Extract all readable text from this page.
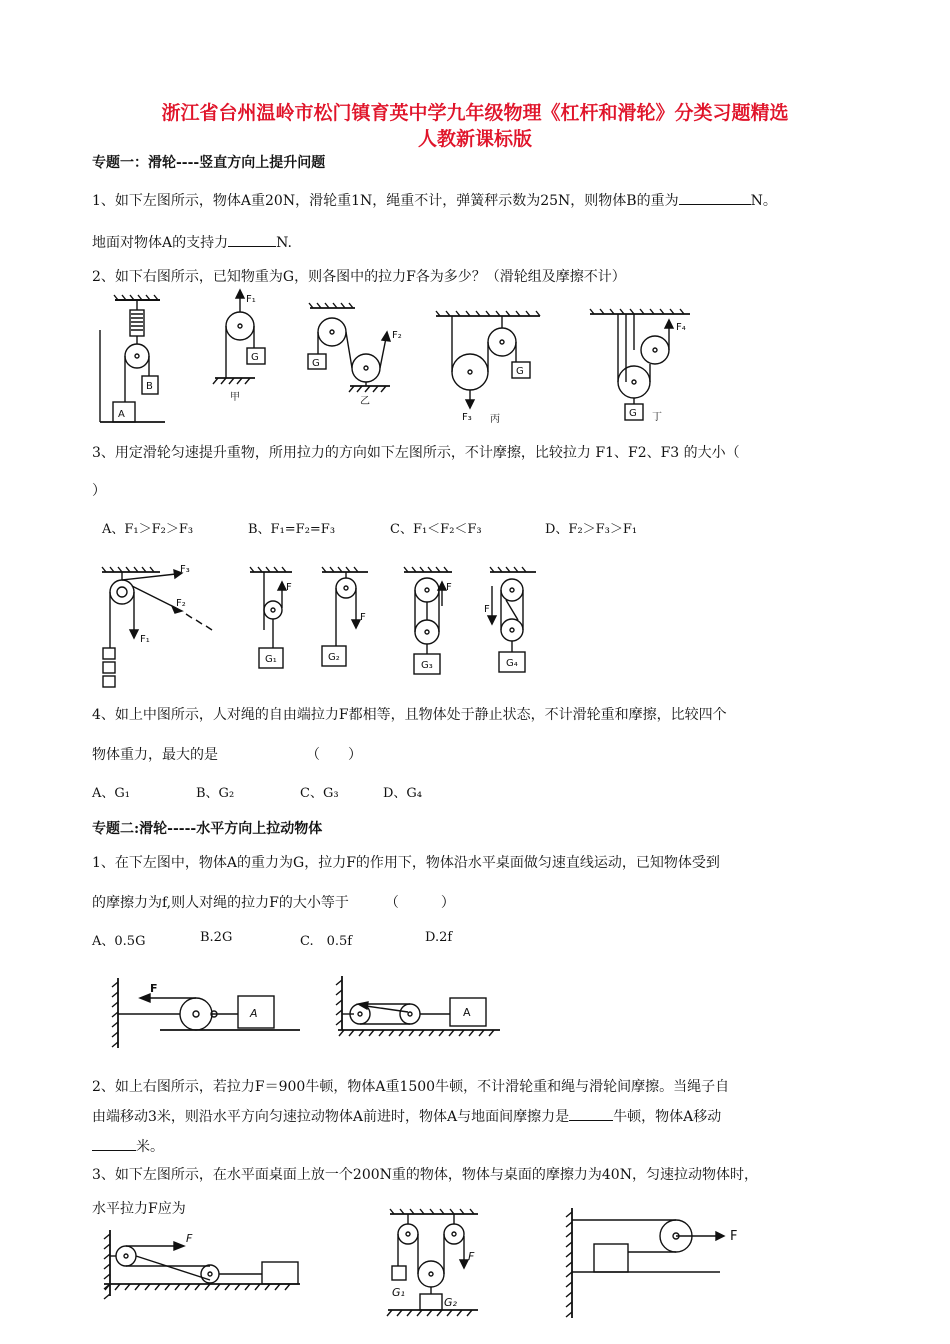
浙江省台州温岭市松门镇育英中学九年级物理《杠杆和滑轮》分类习题精选
人教新课标版
专题一：滑轮----竖直方向上提升问题
1、如下左图所示，物体A重20N，滑轮重1N，绳重不计，弹簧秤示数为25N，则物体B的重为	N。
地面对物体A的支持力	N.
2、如下右图所示，已知物重为G，则各图中的拉力F各为多少？（滑轮组及摩擦不计）
A
B
G
F₁
甲
G
F₂
乙
G
F₃ 丙
F₄
G 丁
3、用定滑轮匀速提升重物，所用拉力的方向如下左图所示，不计摩擦，比较拉力 F1、F2、F3 的大小（
）
A、F₁＞F₂＞F₃	B、F₁=F₂=F₃	C、F₁＜F₂＜F₃	D、F₂＞F₃＞F₁
F₃
F₂
F₁
F
G₁
F
G₂
F
G₃
F
G₄
4、如上中图所示，人对绳的自由端拉力F都相等，且物体处于静止状态，不计滑轮重和摩擦，比较四个
物体重力，最大的是	（　　）
A、G₁	B、G₂	C、G₃	D、G₄
专题二:滑轮-----水平方向上拉动物体
1、在下左图中，物体A的重力为G，拉力F的作用下，物体沿水平桌面做匀速直线运动，已知物体受到
的摩擦力为f,则人对绳的拉力F的大小等于	（　　　）
A、0.5G	B.2G	C.　0.5f	D.2f
F
A	A
2、如上右图所示，若拉力F＝900牛顿，物体A重1500牛顿，不计滑轮重和绳与滑轮间摩擦。当绳子自
由端移动3米，则沿水平方向匀速拉动物体A前进时，物体A与地面间摩擦力是	牛顿，物体A移动
米。
3、如下左图所示，在水平面桌面上放一个200N重的物体，物体与桌面的摩擦力为40N，匀速拉动物体时，
水平拉力F应为
F
G₁
G₂
F
F
